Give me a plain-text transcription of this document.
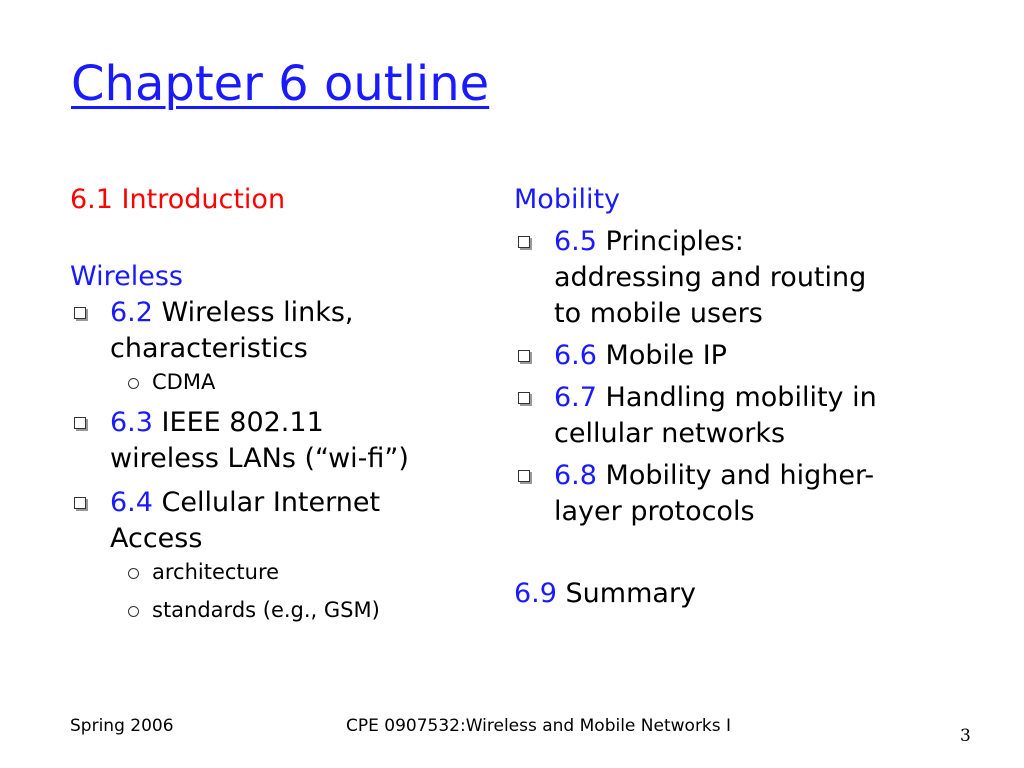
Chapter 6 outline
6.1 Introduction
Wireless
6.2 Wireless links,
characteristics
CDMA
6.3 IEEE 802.11
wireless LANs (“wi-fi”)
6.4 Cellular Internet
Access
architecture
standards (e.g., GSM)
Mobility
6.5 Principles:
addressing and routing
to mobile users
6.6 Mobile IP
6.7 Handling mobility in
cellular networks
6.8 Mobility and higher-
layer protocols
6.9 Summary
Spring 2006	CPE 0907532:Wireless and Mobile Networks I	3
